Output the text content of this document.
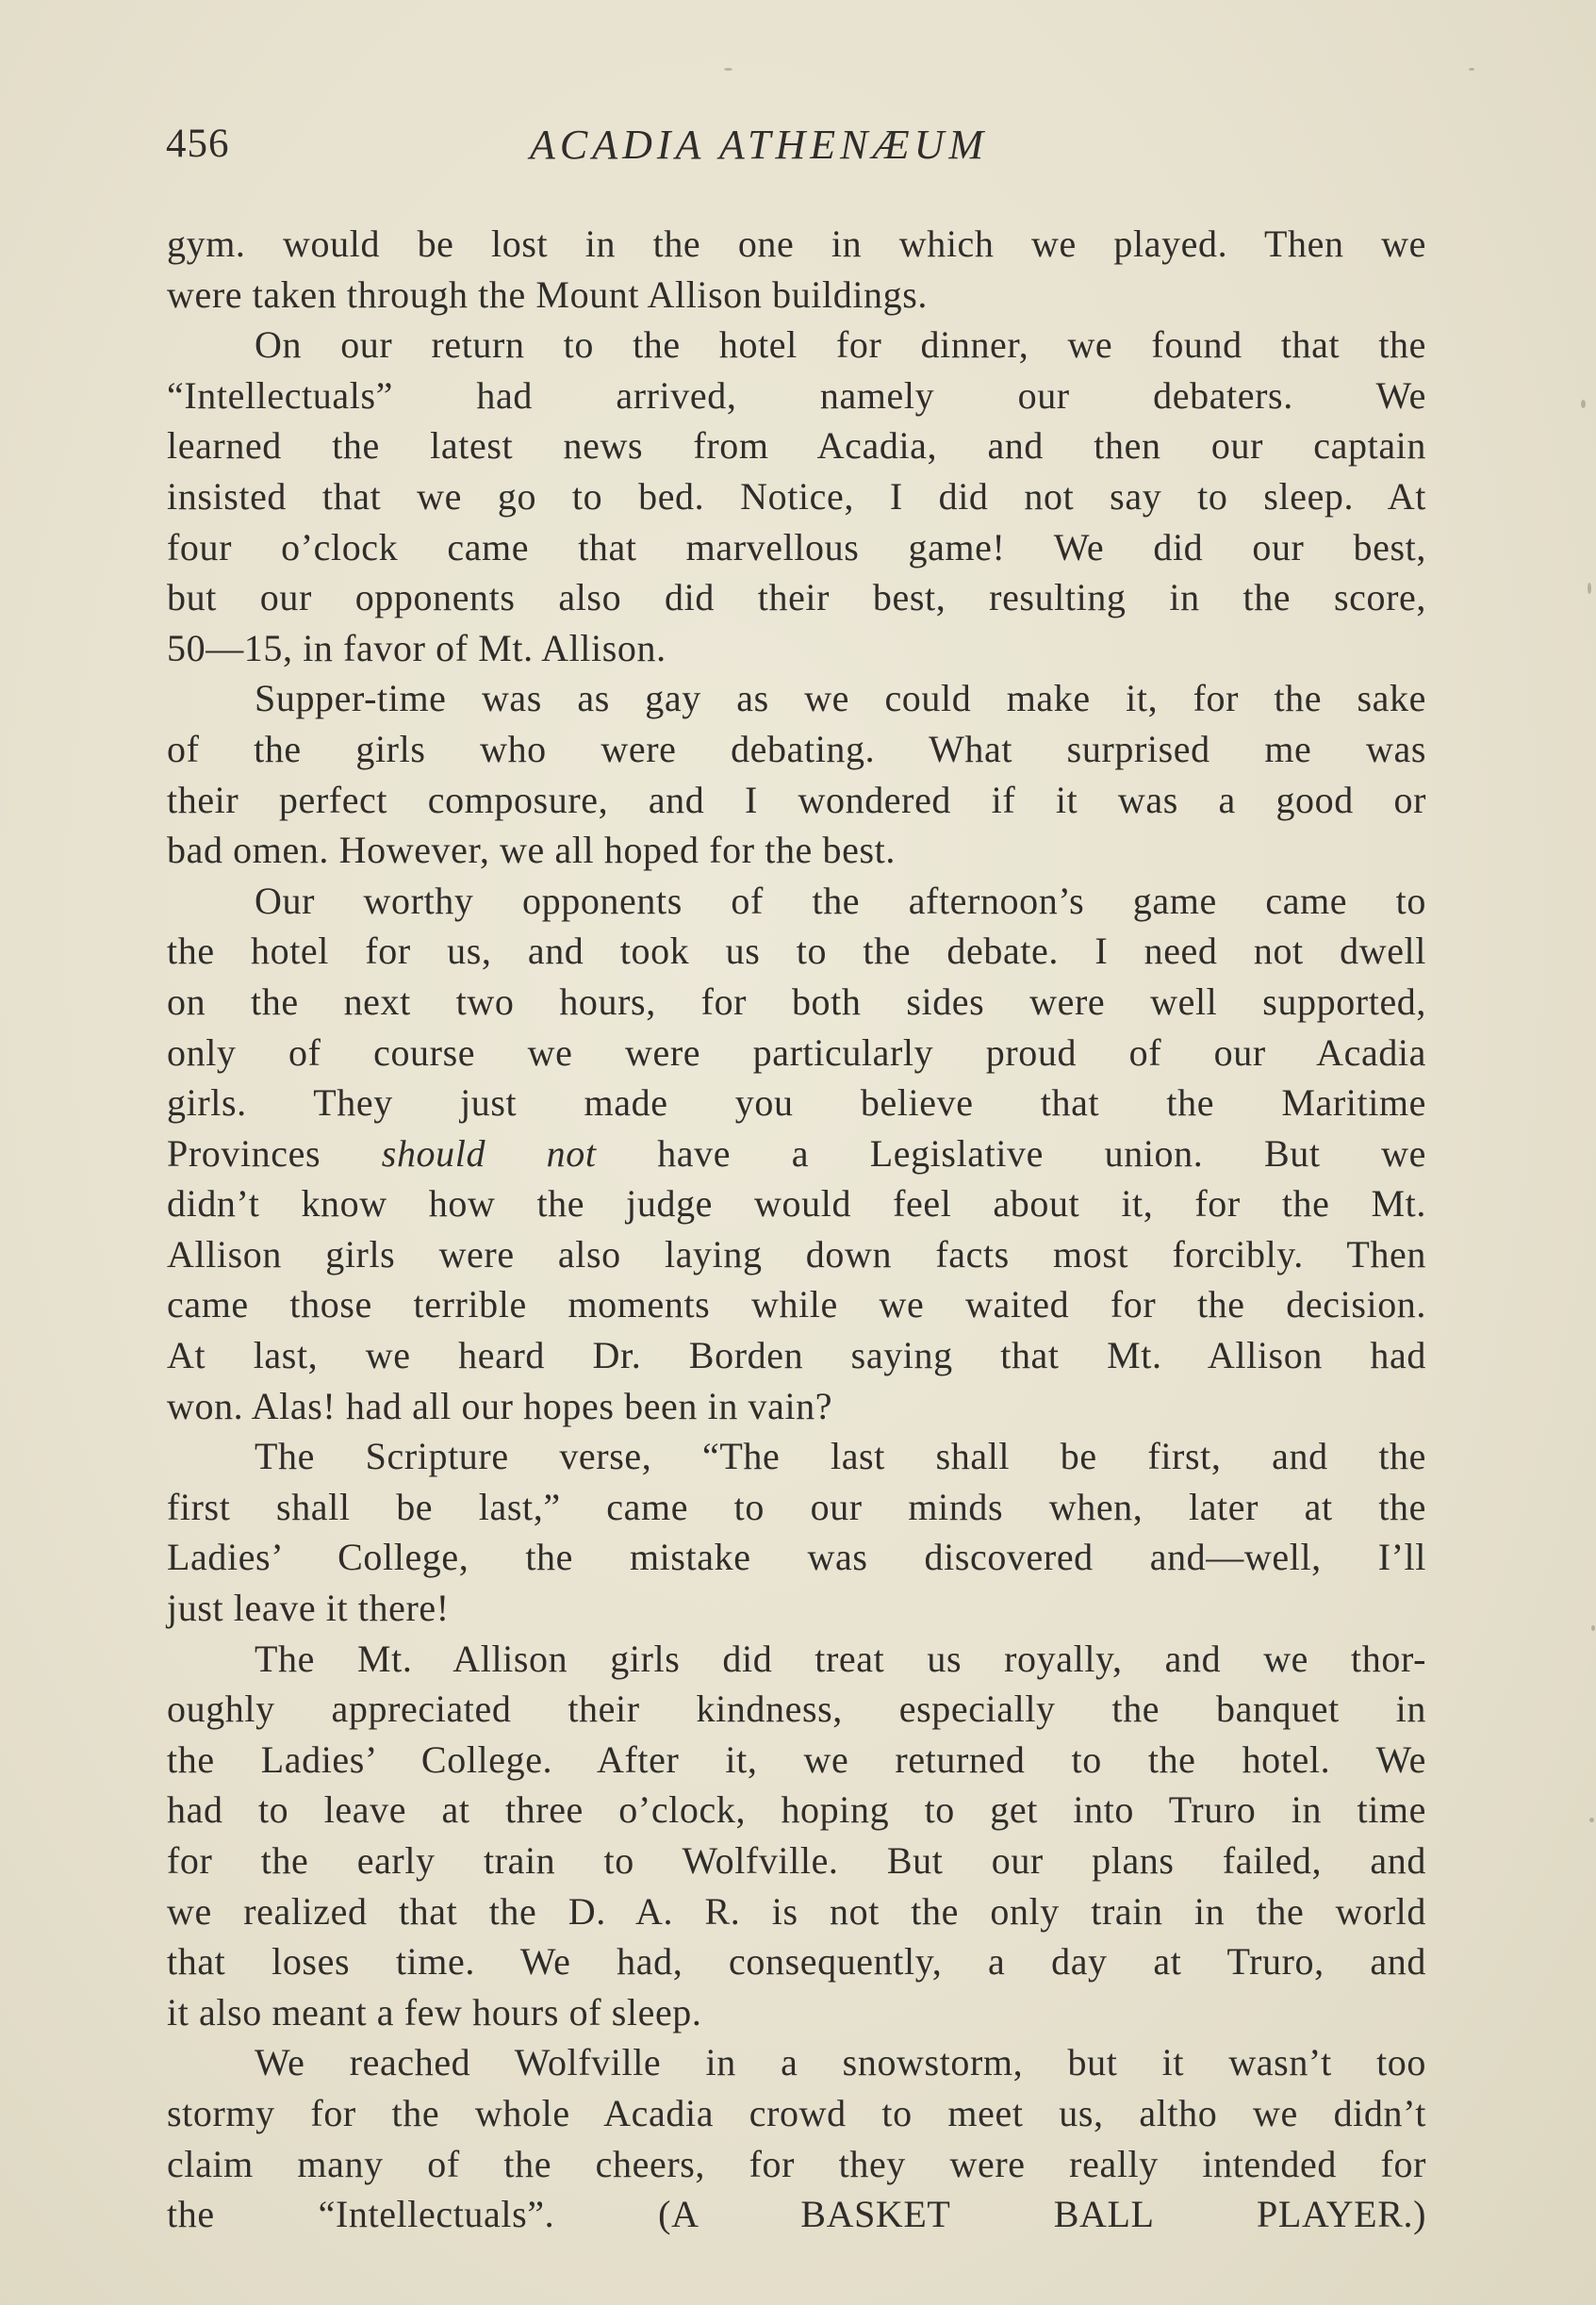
456	ACADIA ATHENÆUM
gym. would be lost in the one in which we played. Then we
were taken through the Mount Allison buildings.
On our return to the hotel for dinner, we found that the
“Intellectuals” had arrived, namely our debaters. We
learned the latest news from Acadia, and then our captain
insisted that we go to bed. Notice, I did not say to sleep. At
four o’clock came that marvellous game! We did our best,
but our opponents also did their best, resulting in the score,
50—15, in favor of Mt. Allison.
Supper-time was as gay as we could make it, for the sake
of the girls who were debating. What surprised me was
their perfect composure, and I wondered if it was a good or
bad omen. However, we all hoped for the best.
Our worthy opponents of the afternoon’s game came to
the hotel for us, and took us to the debate. I need not dwell
on the next two hours, for both sides were well supported,
only of course we were particularly proud of our Acadia
girls. They just made you believe that the Maritime
Provinces should not have a Legislative union. But we
didn’t know how the judge would feel about it, for the Mt.
Allison girls were also laying down facts most forcibly. Then
came those terrible moments while we waited for the decision.
At last, we heard Dr. Borden saying that Mt. Allison had
won. Alas! had all our hopes been in vain?
The Scripture verse, “The last shall be first, and the
first shall be last,” came to our minds when, later at the
Ladies’ College, the mistake was discovered and—well, I’ll
just leave it there!
The Mt. Allison girls did treat us royally, and we thor-
oughly appreciated their kindness, especially the banquet in
the Ladies’ College. After it, we returned to the hotel. We
had to leave at three o’clock, hoping to get into Truro in time
for the early train to Wolfville. But our plans failed, and
we realized that the D. A. R. is not the only train in the world
that loses time. We had, consequently, a day at Truro, and
it also meant a few hours of sleep.
We reached Wolfville in a snowstorm, but it wasn’t too
stormy for the whole Acadia crowd to meet us, altho we didn’t
claim many of the cheers, for they were really intended for
the “Intellectuals”.	(A BASKET BALL PLAYER.)
